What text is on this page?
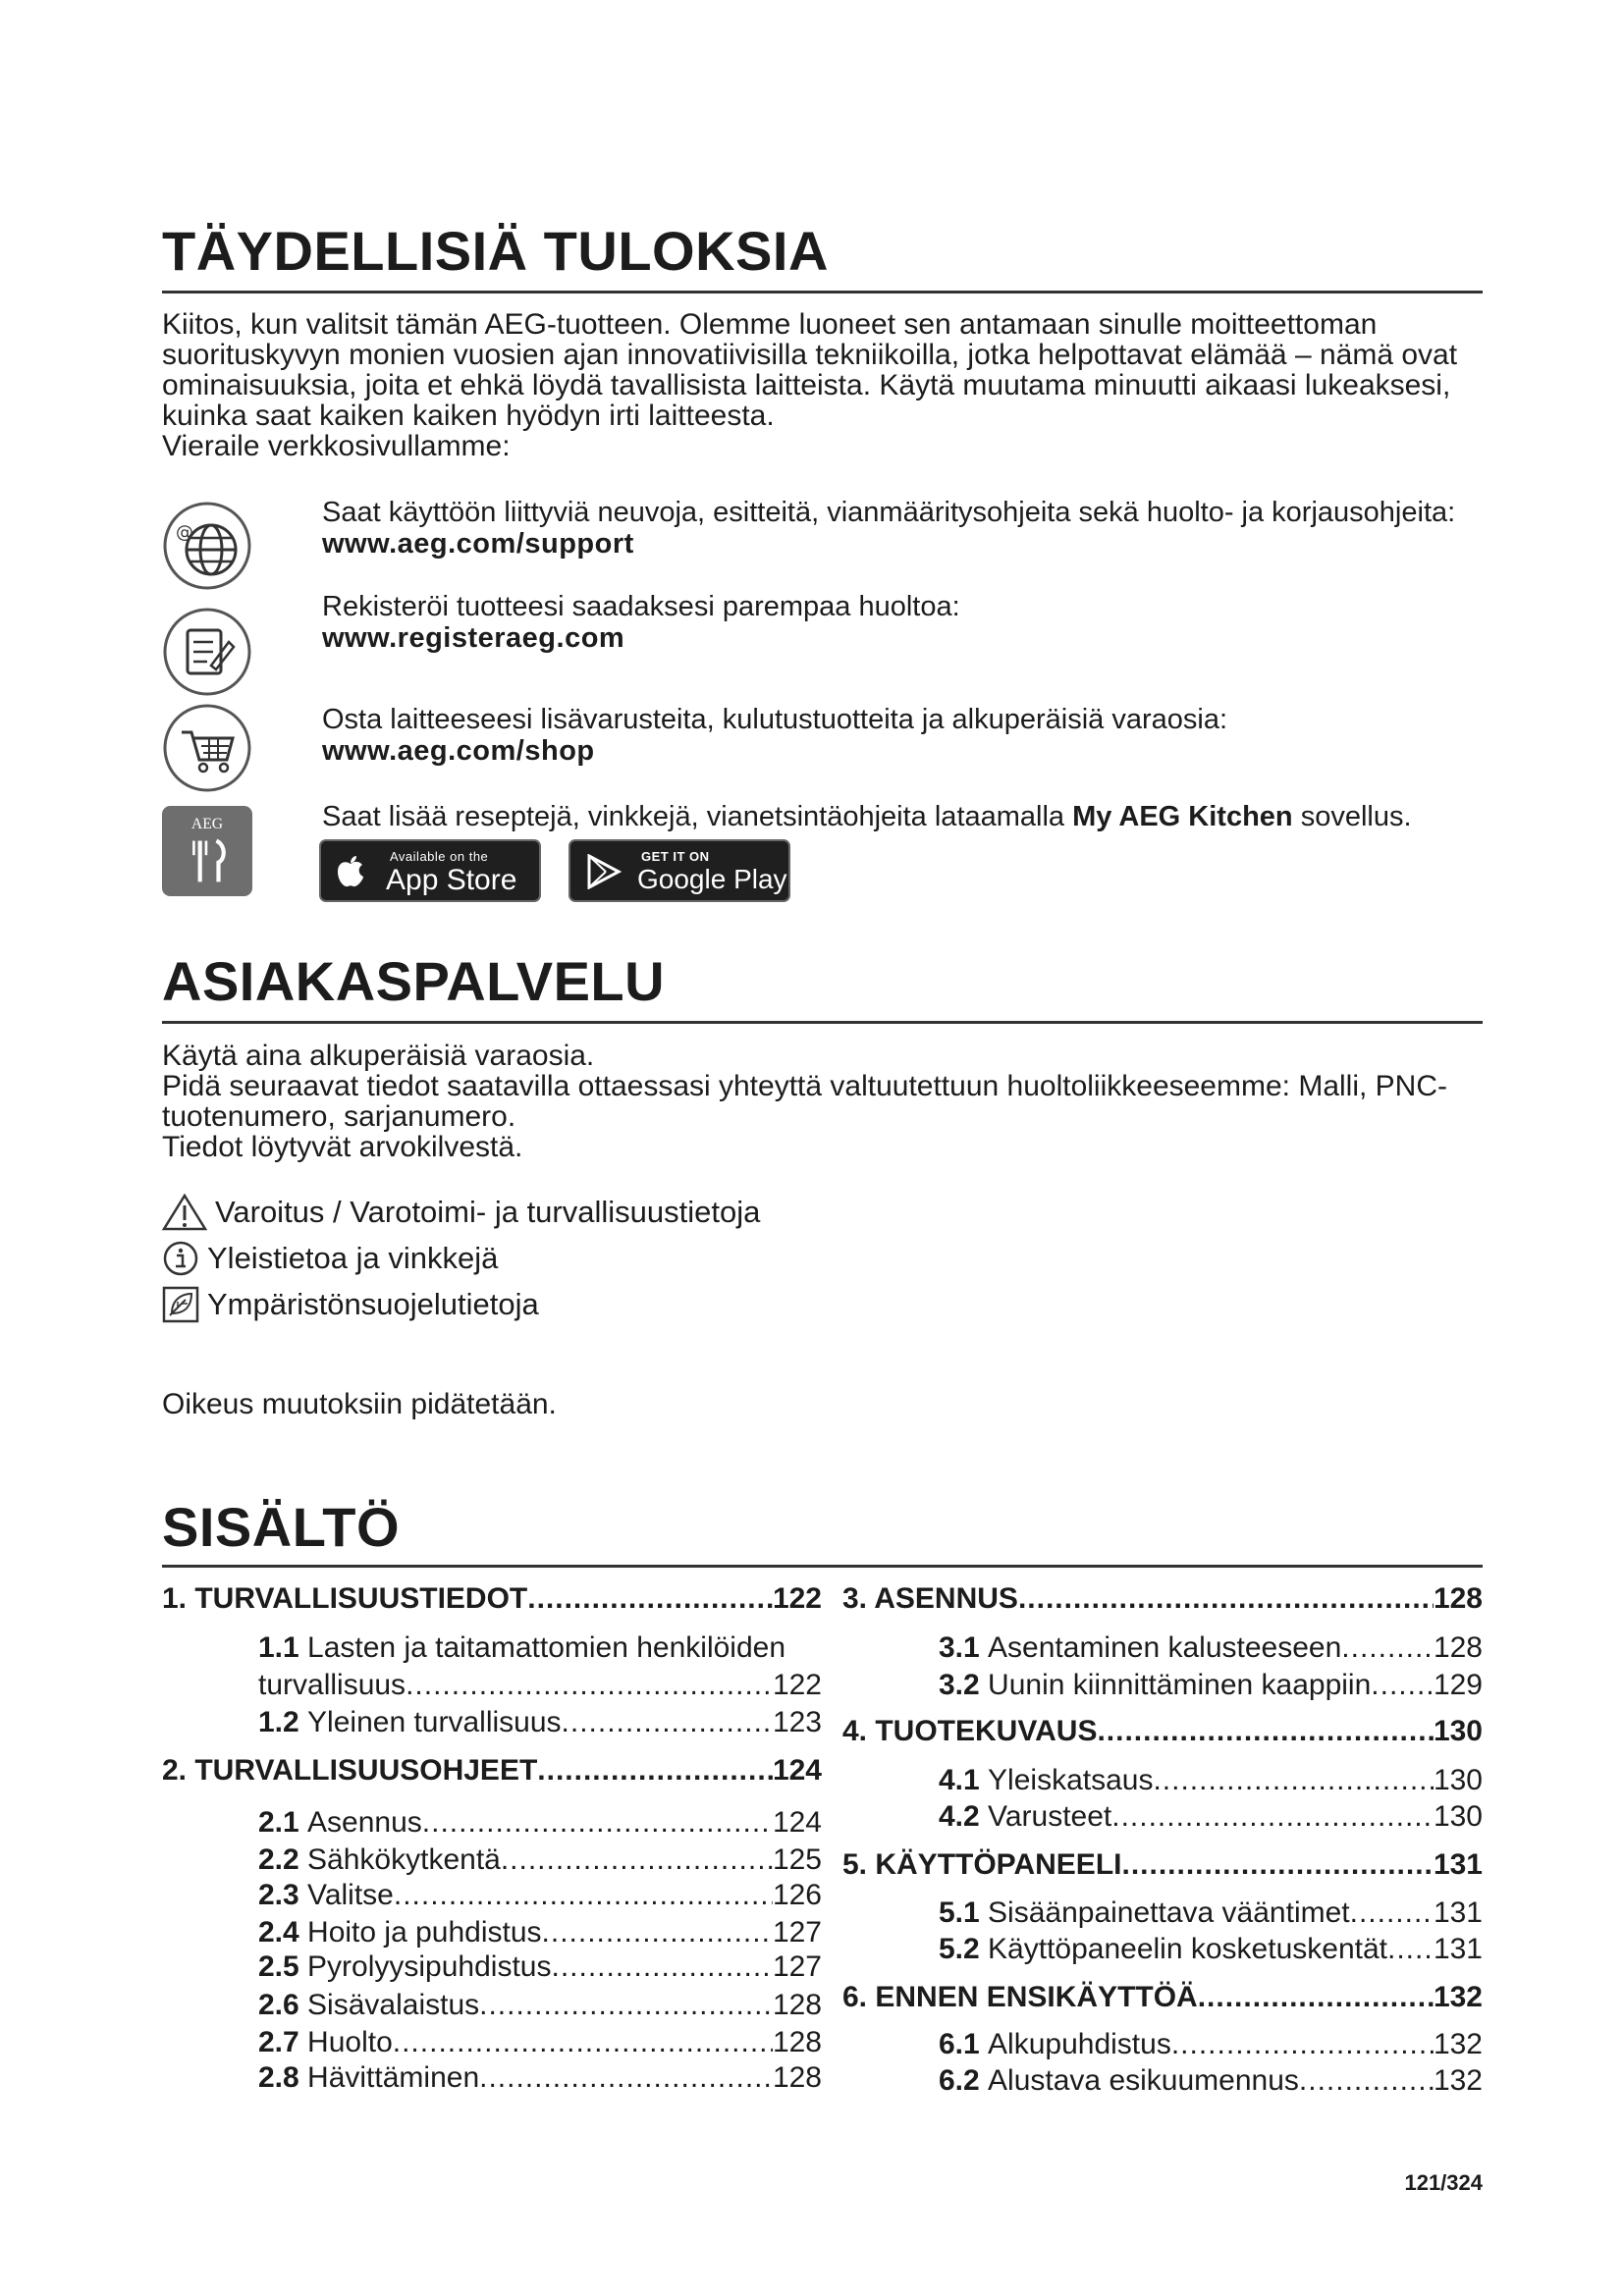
TÄYDELLISIÄ TULOKSIA

Kiitos, kun valitsit tämän AEG-tuotteen. Olemme luoneet sen antamaan sinulle moitteettoman suorituskyvyn monien vuosien ajan innovatiivisilla tekniikoilla, jotka helpottavat elämää – nämä ovat ominaisuuksia, joita et ehkä löydä tavallisista laitteista. Käytä muutama minuutti aikaasi lukeaksesi, kuinka saat kaiken kaiken hyödyn irti laitteesta.

Vieraile verkkosivullamme:

@
AEG

Saat käyttöön liittyviä neuvoja, esitteitä, vianmääritysohjeita sekä huolto- ja korjausohjeita:

www.aeg.com/support

Rekisteröi tuotteesi saadaksesi parempaa huoltoa:

www.registeraeg.com

Osta laitteeseesi lisävarusteita, kulutustuotteita ja alkuperäisiä varaosia:

www.aeg.com/shop

Saat lisää reseptejä, vinkkejä, vianetsintäohjeita lataamalla My AEG Kitchen sovellus.

Available on the
App Store
GET IT ON
Google Play
ASIAKASPALVELU

Käytä aina alkuperäisiä varaosia.

Pidä seuraavat tiedot saatavilla ottaessasi yhteyttä valtuutettuun huoltoliikkeeseemme: Malli, PNC-tuotenumero, sarjanumero.

Tiedot löytyvät arvokilvestä.

Varoitus / Varotoimi- ja turvallisuustietoja
Yleistietoa ja vinkkejä
Ympäristönsuojelutietoja
Oikeus muutoksiin pidätetään.
SISÄLTÖ
1. TURVALLISUUSTIEDOT .....	122
1.1 Lasten ja taitamattomien henkilöiden
turvallisuus .....	122
1.2 Yleinen turvallisuus .....	123
2. TURVALLISUUSOHJEET .....	124
2.1 Asennus .....	124
2.2 Sähkökytkentä .....	125
2.3 Valitse .....	126
2.4 Hoito ja puhdistus .....	127
2.5 Pyrolyysipuhdistus .....	127
2.6 Sisävalaistus .....	128
2.7 Huolto .....	128
2.8 Hävittäminen .....	128
3. ASENNUS .....	128
3.1 Asentaminen kalusteeseen .....	128
3.2 Uunin kiinnittäminen kaappiin ..... 129
4. TUOTEKUVAUS .....	130
4.1 Yleiskatsaus .....	130
4.2 Varusteet .....	130
5. KÄYTTÖPANEELI .....	131
5.1 Sisäänpainettava vääntimet .....	131
5.2 Käyttöpaneelin kosketuskentät ..... 131
6. ENNEN ENSIKÄYTTÖÄ .....	132
6.1 Alkupuhdistus .....	132
6.2 Alustava esikuumennus .....	132
121/324
